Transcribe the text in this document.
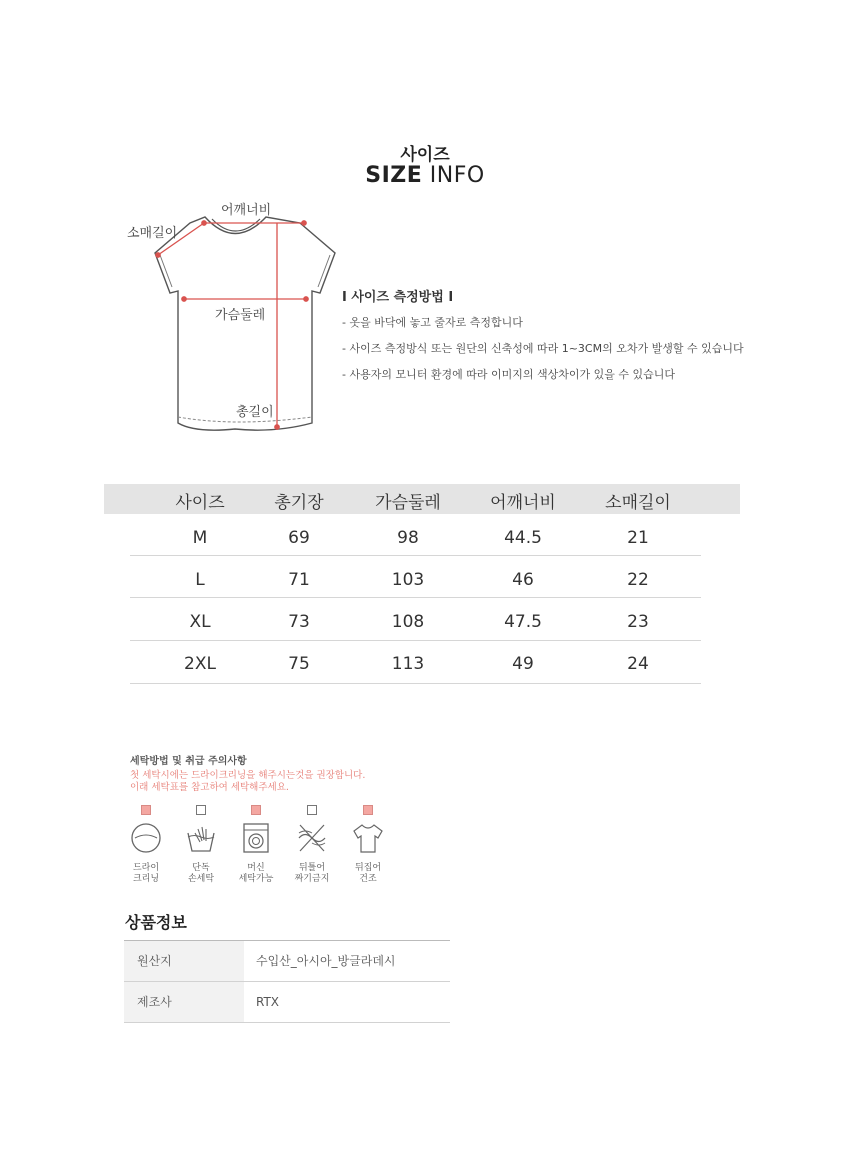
사이즈
SIZE INFO
어깨너비
소매길이
가슴둘레
총길이
I 사이즈 측정방법 I
- 옷을 바닥에 놓고 줄자로 측정합니다
- 사이즈 측정방식 또는 원단의 신축성에 따라 1~3CM의 오차가 발생할 수 있습니다
- 사용자의 모니터 환경에 따라 이미지의 색상차이가 있을 수 있습니다
사이즈	총기장	가슴둘레	어깨너비	소매길이
M	69	98	44.5	21
L	71	103	46	22
XL	73	108	47.5	23
2XL	75	113	49	24
세탁방법 및 취급 주의사항
첫 세탁시에는 드라이크리닝을 해주시는것을 권장합니다.
이래 세탁표를 참고하여 세탁해주세요.
드라이
크리닝
단독
손세탁
머신
세탁가능
뒤틀어
짜기금지
뒤집어
건조
상품정보
원산지	수입산_아시아_방글라데시
제조사	RTX
